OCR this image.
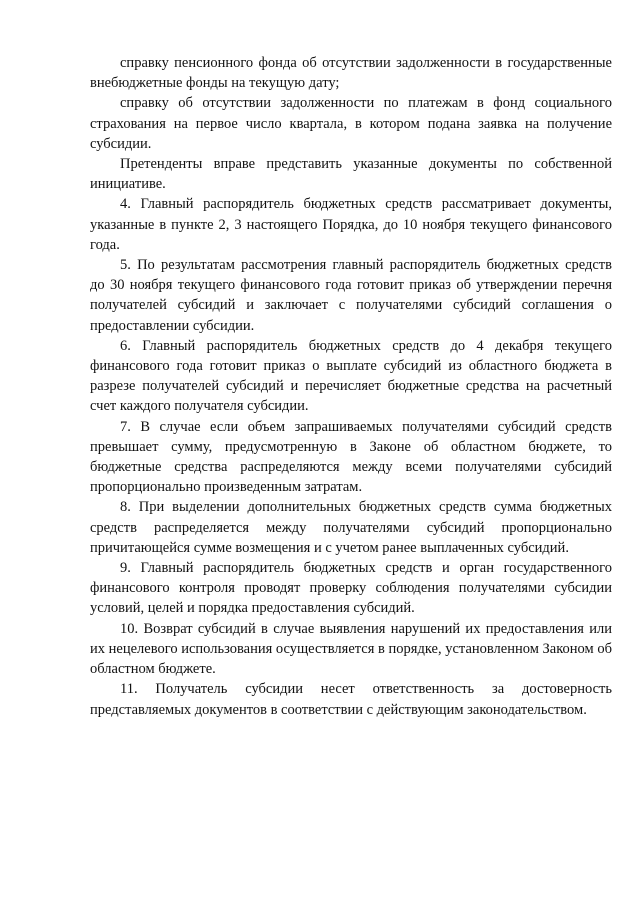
справку пенсионного фонда об отсутствии задолженности в государственные внебюджетные фонды на текущую дату;

справку об отсутствии задолженности по платежам в фонд социального страхования на первое число квартала, в котором подана заявка на получение субсидии.

Претенденты вправе представить указанные документы по собственной инициативе.

4. Главный распорядитель бюджетных средств рассматривает документы, указанные в пункте 2, 3 настоящего Порядка, до 10 ноября текущего финансового года.

5. По результатам рассмотрения главный распорядитель бюджетных средств до 30 ноября текущего финансового года готовит приказ об утверждении перечня получателей субсидий и заключает с получателями субсидий соглашения о предоставлении субсидии.

6. Главный распорядитель бюджетных средств до 4 декабря текущего финансового года готовит приказ о выплате субсидий из областного бюджета в разрезе получателей субсидий и перечисляет бюджетные средства на расчетный счет каждого получателя субсидии.

7. В случае если объем запрашиваемых получателями субсидий средств превышает сумму, предусмотренную в Законе об областном бюджете, то бюджетные средства распределяются между всеми получателями субсидий пропорционально произведенным затратам.

8. При выделении дополнительных бюджетных средств сумма бюджетных средств распределяется между получателями субсидий пропорционально причитающейся сумме возмещения и с учетом ранее выплаченных субсидий.

9. Главный распорядитель бюджетных средств и орган государственного финансового контроля проводят проверку соблюдения получателями субсидии условий, целей и порядка предоставления субсидий.

10. Возврат субсидий в случае выявления нарушений их предоставления или их нецелевого использования осуществляется в порядке, установленном Законом об областном бюджете.

11. Получатель субсидии несет ответственность за достоверность представляемых документов в соответствии с действующим законодательством.
